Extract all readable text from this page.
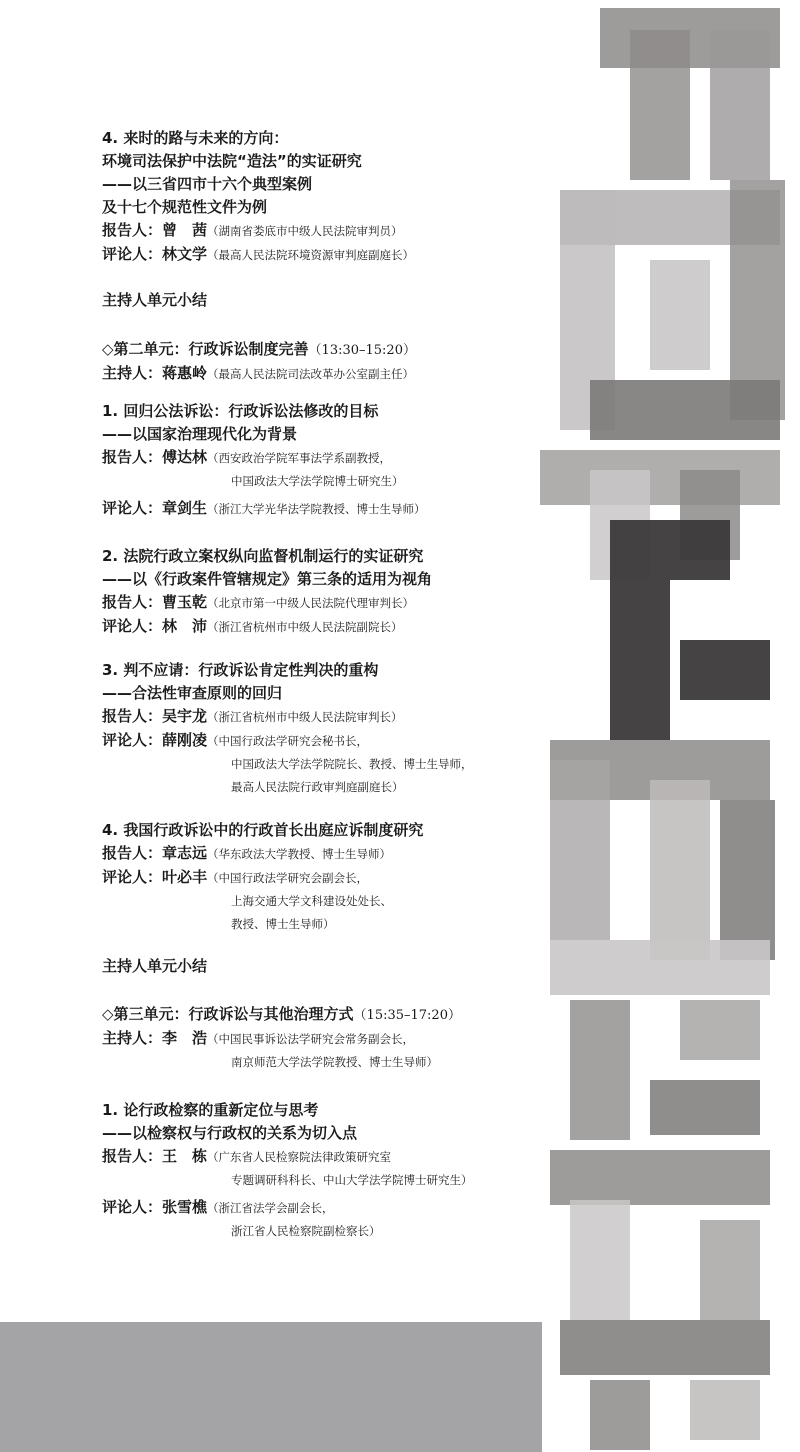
4. 来时的路与未来的方向：
环境司法保护中法院“造法”的实证研究
——以三省四市十六个典型案例
及十七个规范性文件为例
报告人：曾　茜（湖南省娄底市中级人民法院审判员）
评论人：林文学（最高人民法院环境资源审判庭副庭长）
主持人单元小结
◇第二单元：行政诉讼制度完善（13:30–15:20）
主持人：蒋惠岭（最高人民法院司法改革办公室副主任）
1. 回归公法诉讼：行政诉讼法修改的目标
——以国家治理现代化为背景
报告人：傅达林（西安政治学院军事法学系副教授，
中国政法大学法学院博士研究生）
评论人：章剑生（浙江大学光华法学院教授、博士生导师）
2. 法院行政立案权纵向监督机制运行的实证研究
——以《行政案件管辖规定》第三条的适用为视角
报告人：曹玉乾（北京市第一中级人民法院代理审判长）
评论人：林　沛（浙江省杭州市中级人民法院副院长）
3. 判不应请：行政诉讼肯定性判决的重构
——合法性审查原则的回归
报告人：吴宇龙（浙江省杭州市中级人民法院审判长）
评论人：薛刚凌（中国行政法学研究会秘书长，
中国政法大学法学院院长、教授、博士生导师，
最高人民法院行政审判庭副庭长）
4. 我国行政诉讼中的行政首长出庭应诉制度研究
报告人：章志远（华东政法大学教授、博士生导师）
评论人：叶必丰（中国行政法学研究会副会长，
上海交通大学文科建设处处长、
教授、博士生导师）
主持人单元小结
◇第三单元：行政诉讼与其他治理方式（15:35–17:20）
主持人：李　浩（中国民事诉讼法学研究会常务副会长，
南京师范大学法学院教授、博士生导师）
1. 论行政检察的重新定位与思考
——以检察权与行政权的关系为切入点
报告人：王　栋（广东省人民检察院法律政策研究室
专题调研科科长、中山大学法学院博士研究生）
评论人：张雪樵（浙江省法学会副会长，
浙江省人民检察院副检察长）
